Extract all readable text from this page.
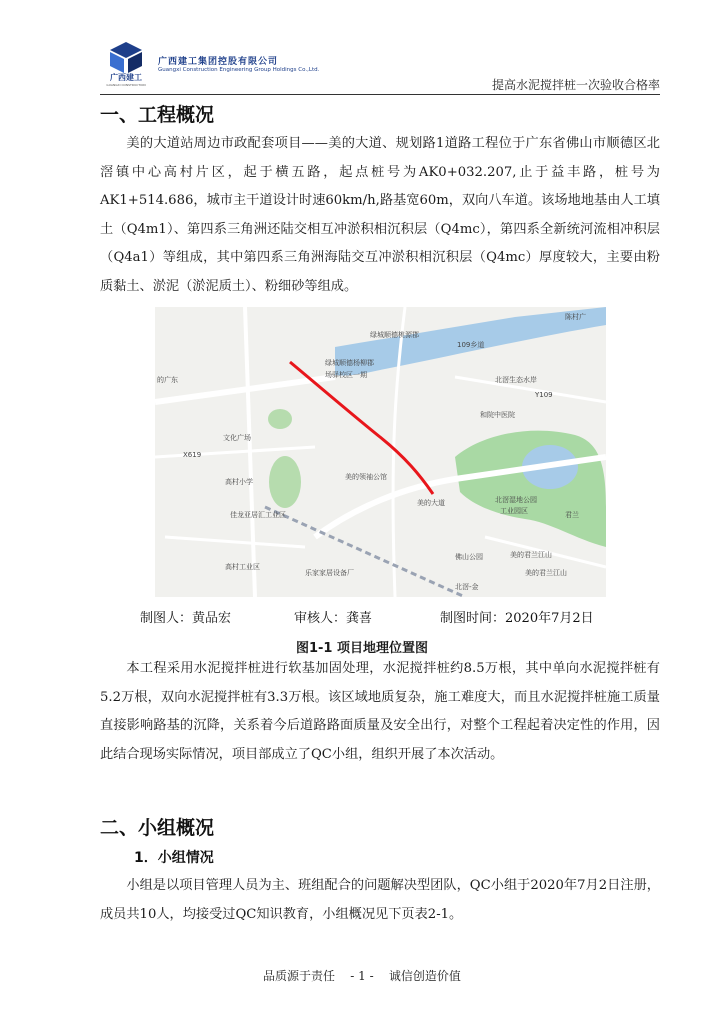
广西建工
GUANGXI CONSTRUCTION
广西建工集团控股有限公司
Guangxi Construction Engineering Group Holdings Co.,Ltd.
提高水泥搅拌桩一次验收合格率
一、工程概况

美的大道站周边市政配套项目——美的大道、规划路1道路工程位于广东省佛山市顺德区北滘镇中心高村片区，起于横五路，起点桩号为AK0+032.207,止于益丰路，桩号为AK1+514.686，城市主干道设计时速60km/h,路基宽60m，双向八车道。该场地地基由人工填土（Q4m1）、第四系三角洲还陆交相互冲淤积相沉积层（Q4mc），第四系全新统河流相冲积层（Q4a1）等组成，其中第四系三角洲海陆交互冲淤积相沉积层（Q4mc）厚度较大，主要由粉质黏土、淤泥（淤泥质土）、粉细砂等组成。

陈村广
绿城顺德桃源郡
109乡道
绿城顺德杨柳郡
场驿校区一期
北滘生态水岸
Y109
的广东
和院中医院
文化广场
美的领袖公馆
X619
高村小学
北滘湿地公园
工业园区	君兰
佳龙亚居汇工业区
美的大道
高村工业区
佛山公园	美的君兰江山
美的君兰江山
乐家家居设备厂
北滘-金
制图人：黄品宏	审核人：龚喜	制图时间：2020年7月2日
图1-1 项目地理位置图

本工程采用水泥搅拌桩进行软基加固处理，水泥搅拌桩约8.5万根，其中单向水泥搅拌桩有5.2万根，双向水泥搅拌桩有3.3万根。该区域地质复杂，施工难度大，而且水泥搅拌桩施工质量直接影响路基的沉降，关系着今后道路路面质量及安全出行，对整个工程起着决定性的作用，因此结合现场实际情况，项目部成立了QC小组，组织开展了本次活动。

二、小组概况
1．小组情况

小组是以项目管理人员为主、班组配合的问题解决型团队，QC小组于2020年7月2日注册，成员共10人，均接受过QC知识教育，小组概况见下页表2-1。

品质源于责任    - 1 -    诚信创造价值
